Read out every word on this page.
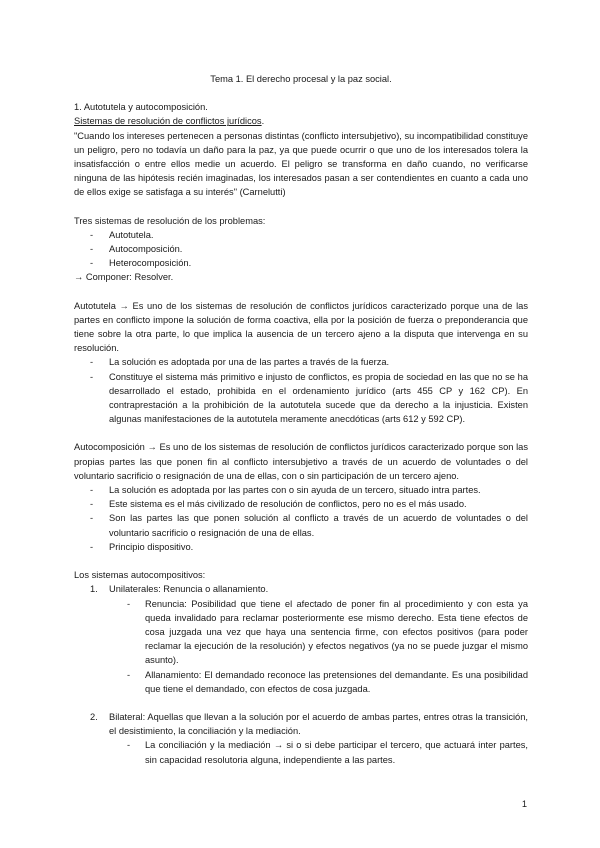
Tema 1. El derecho procesal y la paz social.

1. Autotutela y autocomposición.

Sistemas de resolución de conflictos jurídicos.

"Cuando los intereses pertenecen a personas distintas (conflicto intersubjetivo), su incompatibilidad constituye un peligro, pero no todavía un daño para la paz, ya que puede ocurrir o que uno de los interesados tolera la insatisfacción o entre ellos medie un acuerdo. El peligro se transforma en daño cuando, no verificarse ninguna de las hipótesis recién imaginadas, los interesados pasan a ser contendientes en cuanto a cada uno de ellos exige se satisfaga a su interés" (Carnelutti)

Tres sistemas de resolución de los problemas:

- Autotutela.
- Autocomposición.
- Heterocomposición.

→ Componer: Resolver.

Autotutela → Es uno de los sistemas de resolución de conflictos jurídicos caracterizado porque una de las partes en conflicto impone la solución de forma coactiva, ella por la posición de fuerza o preponderancia que tiene sobre la otra parte, lo que implica la ausencia de un tercero ajeno a la disputa que intervenga en su resolución.

- La solución es adoptada por una de las partes a través de la fuerza.
- Constituye el sistema más primitivo e injusto de conflictos, es propia de sociedad en las que no se ha desarrollado el estado, prohibida en el ordenamiento jurídico (arts 455 CP y 162 CP). En contraprestación a la prohibición de la autotutela sucede que da derecho a la injusticia. Existen algunas manifestaciones de la autotutela meramente anecdóticas (arts 612 y 592 CP).

Autocomposición → Es uno de los sistemas de resolución de conflictos jurídicos caracterizado porque son las propias partes las que ponen fin al conflicto intersubjetivo a través de un acuerdo de voluntades o del voluntario sacrificio o resignación de una de ellas, con o sin participación de un tercero ajeno.

- La solución es adoptada por las partes con o sin ayuda de un tercero, situado intra partes.
- Este sistema es el más civilizado de resolución de conflictos, pero no es el más usado.
- Son las partes las que ponen solución al conflicto a través de un acuerdo de voluntades o del voluntario sacrificio o resignación de una de ellas.
- Principio dispositivo.

Los sistemas autocompositivos:

1. Unilaterales: Renuncia o allanamiento.
- Renuncia: Posibilidad que tiene el afectado de poner fin al procedimiento y con esta ya queda invalidado para reclamar posteriormente ese mismo derecho. Esta tiene efectos de cosa juzgada una vez que haya una sentencia firme, con efectos positivos (para poder reclamar la ejecución de la resolución) y efectos negativos (ya no se puede juzgar el mismo asunto).
- Allanamiento: El demandado reconoce las pretensiones del demandante. Es una posibilidad que tiene el demandado, con efectos de cosa juzgada.
2. Bilateral: Aquellas que llevan a la solución por el acuerdo de ambas partes, entres otras la transición, el desistimiento, la conciliación y la mediación.
- La conciliación y la mediación → si o si debe participar el tercero, que actuará inter partes, sin capacidad resolutoria alguna, independiente a las partes.
1
